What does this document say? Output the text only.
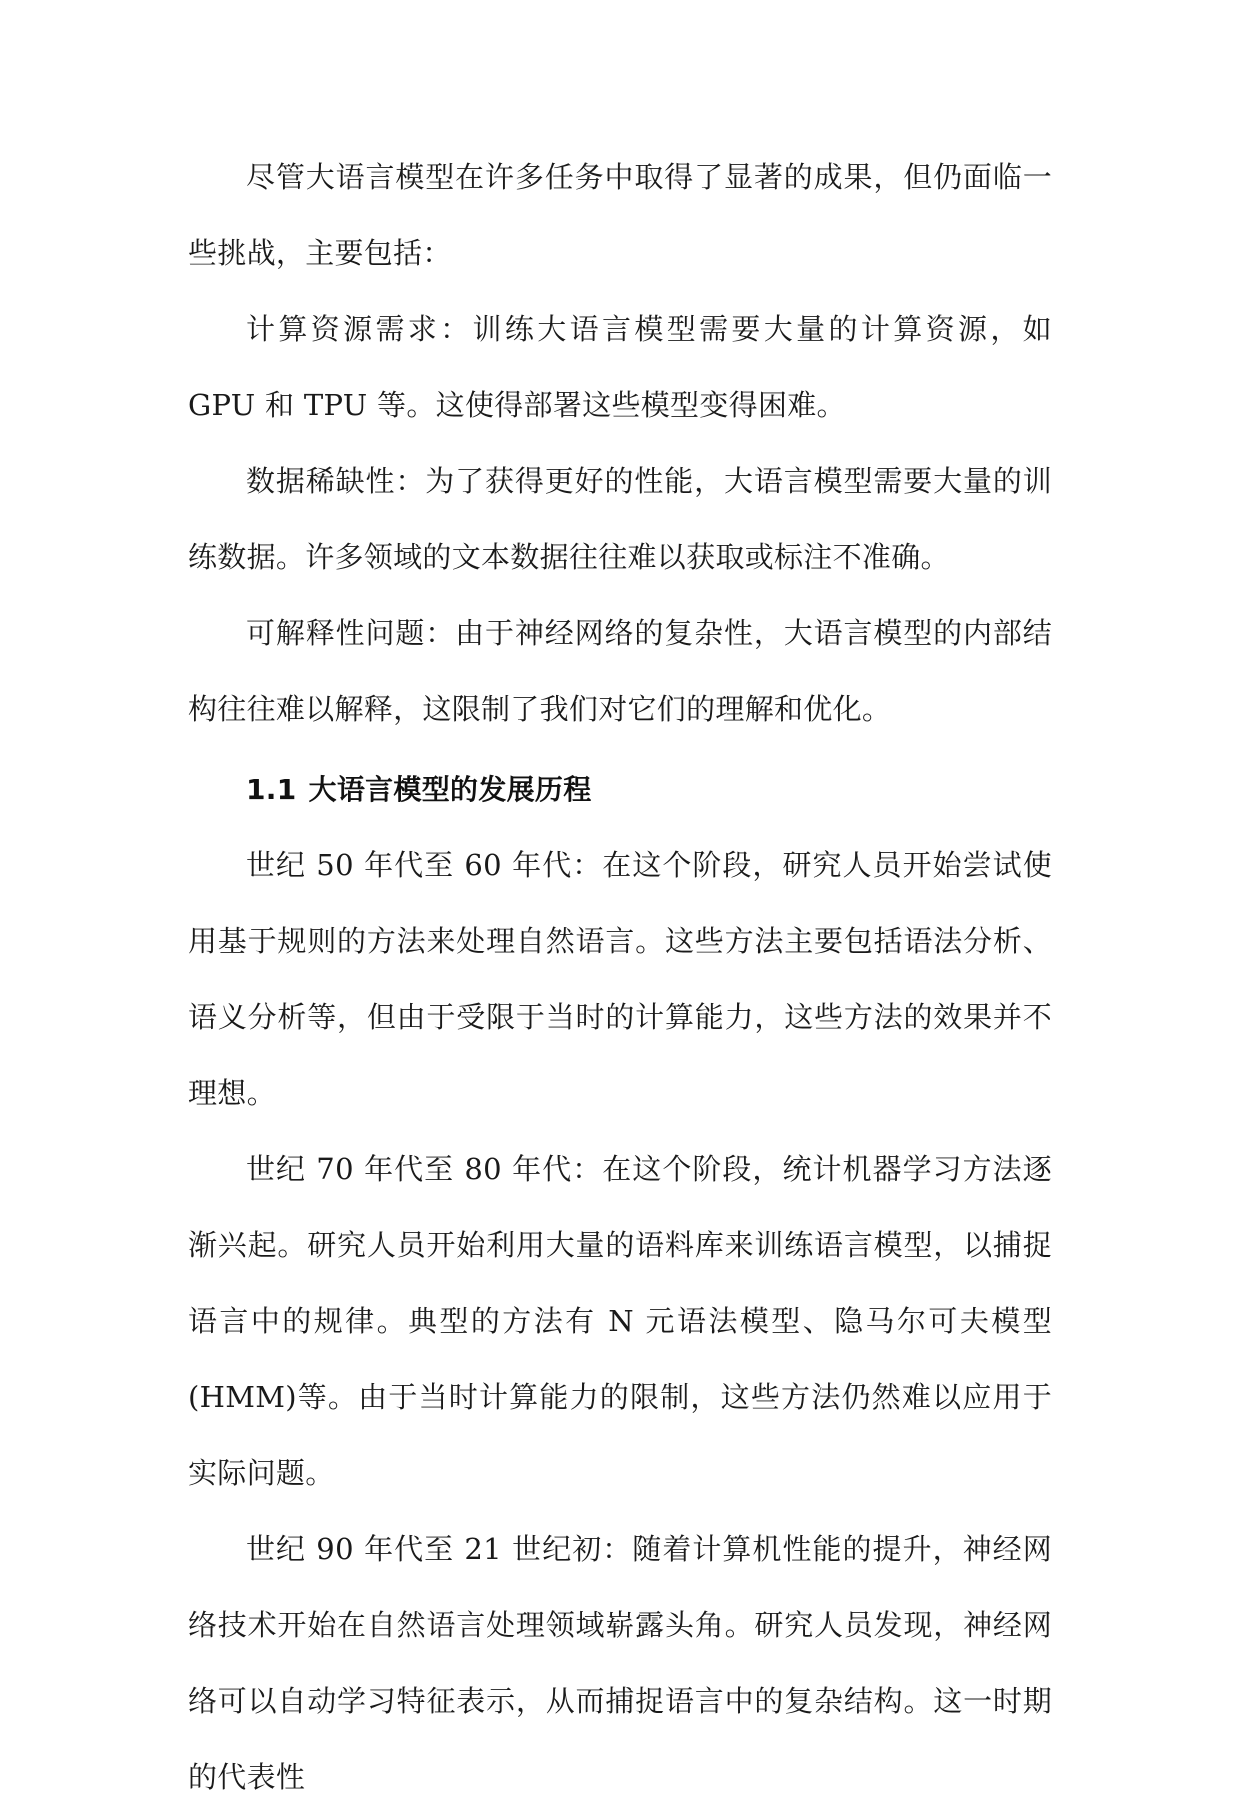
尽管大语言模型在许多任务中取得了显著的成果，但仍面临一些挑战，主要包括：

计算资源需求：训练大语言模型需要大量的计算资源，如 GPU 和 TPU 等。这使得部署这些模型变得困难。

数据稀缺性：为了获得更好的性能，大语言模型需要大量的训练数据。许多领域的文本数据往往难以获取或标注不准确。

可解释性问题：由于神经网络的复杂性，大语言模型的内部结构往往难以解释，这限制了我们对它们的理解和优化。

1.1 大语言模型的发展历程

世纪 50 年代至 60 年代：在这个阶段，研究人员开始尝试使用基于规则的方法来处理自然语言。这些方法主要包括语法分析、语义分析等，但由于受限于当时的计算能力，这些方法的效果并不理想。

世纪 70 年代至 80 年代：在这个阶段，统计机器学习方法逐渐兴起。研究人员开始利用大量的语料库来训练语言模型，以捕捉语言中的规律。典型的方法有 N 元语法模型、隐马尔可夫模型(HMM)等。由于当时计算能力的限制，这些方法仍然难以应用于实际问题。

世纪 90 年代至 21 世纪初：随着计算机性能的提升，神经网络技术开始在自然语言处理领域崭露头角。研究人员发现，神经网络可以自动学习特征表示，从而捕捉语言中的复杂结构。这一时期的代表性
